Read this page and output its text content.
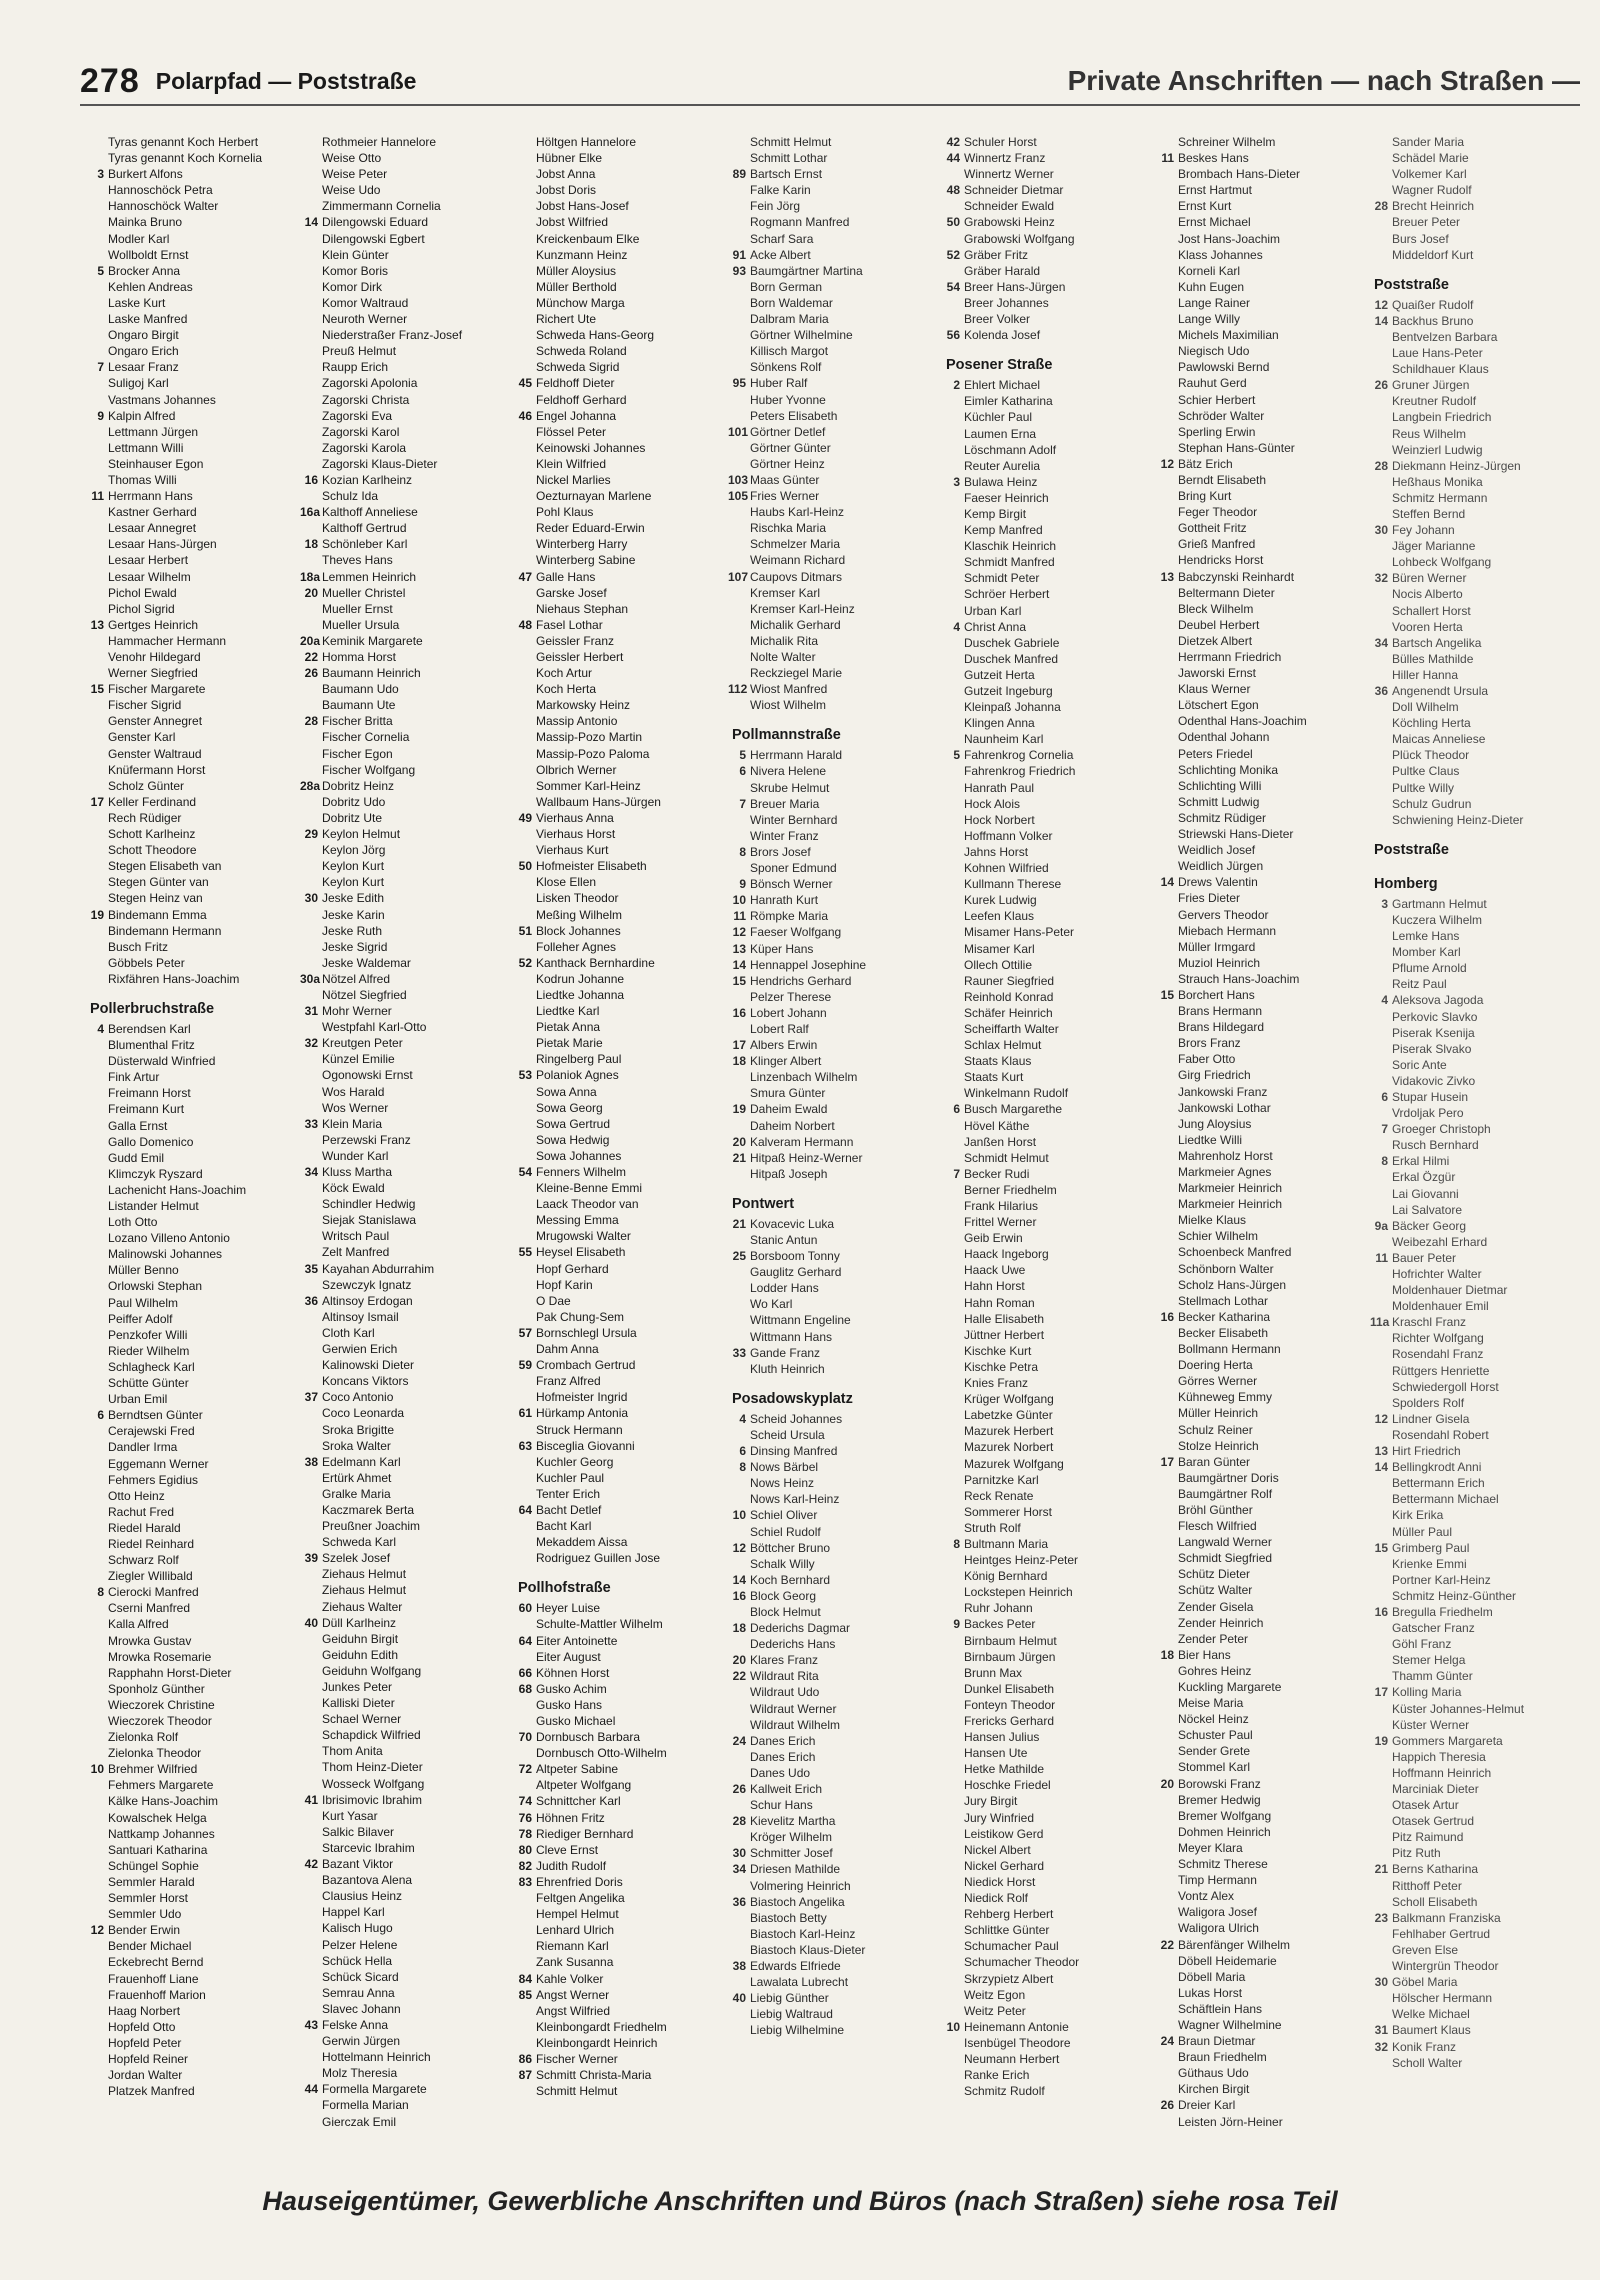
278 Polarpfad — Poststraße	Private Anschriften — nach Straßen —
Tyras genannt Koch Herbert
Tyras genannt Koch Kornelia
3 Burkert Alfons
Hannoschöck Petra
Hannoschöck Walter
Mainka Bruno
Modler Karl
Wollboldt Ernst
5 Brocker Anna
Kehlen Andreas
Laske Kurt
Laske Manfred
Ongaro Birgit
Ongaro Erich
7 Lesaar Franz
Suligoj Karl
Vastmans Johannes
9 Kalpin Alfred
Lettmann Jürgen
Lettmann Willi
Steinhauser Egon
Thomas Willi
11 Herrmann Hans
Kastner Gerhard
Lesaar Annegret
Lesaar Hans-Jürgen
Lesaar Herbert
Lesaar Wilhelm
Pichol Ewald
Pichol Sigrid
13 Gertges Heinrich
Hammacher Hermann
Venohr Hildegard
Werner Siegfried
15 Fischer Margarete
Fischer Sigrid
Genster Annegret
Genster Karl
Genster Waltraud
Knüfermann Horst
Scholz Günter
17 Keller Ferdinand
Rech Rüdiger
Schott Karlheinz
Schott Theodore
Stegen Elisabeth van
Stegen Günter van
Stegen Heinz van
19 Bindemann Emma
Bindemann Hermann
Busch Fritz
Göbbels Peter
Rixfähren Hans-Joachim
Pollerbruchstraße
4 Berendsen Karl
Blumenthal Fritz
Düsterwald Winfried
Fink Artur
Freimann Horst
Freimann Kurt
Galla Ernst
Gallo Domenico
Gudd Emil
Klimczyk Ryszard
Lachenicht Hans-Joachim
Listander Helmut
Loth Otto
Lozano Villeno Antonio
Malinowski Johannes
Müller Benno
Orlowski Stephan
Paul Wilhelm
Peiffer Adolf
Penzkofer Willi
Rieder Wilhelm
Schlagheck Karl
Schütte Günter
Urban Emil
6 Berndtsen Günter
Cerajewski Fred
Dandler Irma
Eggemann Werner
Fehmers Egidius
Otto Heinz
Rachut Fred
Riedel Harald
Riedel Reinhard
Schwarz Rolf
Ziegler Willibald
8 Cierocki Manfred
Cserni Manfred
Kalla Alfred
Mrowka Gustav
Mrowka Rosemarie
Rapphahn Horst-Dieter
Sponholz Günther
Wieczorek Christine
Wieczorek Theodor
Zielonka Rolf
Zielonka Theodor
10 Brehmer Wilfried
Fehmers Margarete
Kälke Hans-Joachim
Kowalschek Helga
Nattkamp Johannes
Santuari Katharina
Schüngel Sophie
Semmler Harald
Semmler Horst
Semmler Udo
12 Bender Erwin
Bender Michael
Eckebrecht Bernd
Frauenhoff Liane
Frauenhoff Marion
Haag Norbert
Hopfeld Otto
Hopfeld Peter
Hopfeld Reiner
Jordan Walter
Platzek Manfred
Rothmeier Hannelore
Weise Otto
Weise Peter
Weise Udo
Zimmermann Cornelia
14 Dilengowski Eduard
Dilengowski Egbert
Klein Günter
Komor Boris
Komor Dirk
Komor Waltraud
Neuroth Werner
Niederstraßer Franz-Josef
Preuß Helmut
Raupp Erich
Zagorski Apolonia
Zagorski Christa
Zagorski Eva
Zagorski Karol
Zagorski Karola
Zagorski Klaus-Dieter
16 Kozian Karlheinz
Schulz Ida
16a Kalthoff Anneliese
Kalthoff Gertrud
18 Schönleber Karl
Theves Hans
18a Lemmen Heinrich
20 Mueller Christel
Mueller Ernst
Mueller Ursula
20a Keminik Margarete
22 Homma Horst
26 Baumann Heinrich
Baumann Udo
Baumann Ute
28 Fischer Britta
Fischer Cornelia
Fischer Egon
Fischer Wolfgang
28a Dobritz Heinz
Dobritz Udo
Dobritz Ute
29 Keylon Helmut
Keylon Jörg
Keylon Kurt
Keylon Kurt
30 Jeske Edith
Jeske Karin
Jeske Ruth
Jeske Sigrid
Jeske Waldemar
30a Nötzel Alfred
Nötzel Siegfried
31 Mohr Werner
Westpfahl Karl-Otto
32 Kreutgen Peter
Künzel Emilie
Ogonowski Ernst
Wos Harald
Wos Werner
33 Klein Maria
Perzewski Franz
Wunder Karl
34 Kluss Martha
Köck Ewald
Schindler Hedwig
Siejak Stanislawa
Writsch Paul
Zelt Manfred
35 Kayahan Abdurrahim
Szewczyk Ignatz
36 Altinsoy Erdogan
Altinsoy Ismail
Cloth Karl
Gerwien Erich
Kalinowski Dieter
Koncans Viktors
37 Coco Antonio
Coco Leonarda
Sroka Brigitte
Sroka Walter
38 Edelmann Karl
Ertürk Ahmet
Gralke Maria
Kaczmarek Berta
Preußner Joachim
Schweda Karl
39 Szelek Josef
Ziehaus Helmut
Ziehaus Helmut
Ziehaus Walter
40 Düll Karlheinz
Geiduhn Birgit
Geiduhn Edith
Geiduhn Wolfgang
Junkes Peter
Kalliski Dieter
Schael Werner
Schapdick Wilfried
Thom Anita
Thom Heinz-Dieter
Wosseck Wolfgang
41 Ibrisimovic Ibrahim
Kurt Yasar
Salkic Bilaver
Starcevic Ibrahim
42 Bazant Viktor
Bazantova Alena
Clausius Heinz
Happel Karl
Kalisch Hugo
Pelzer Helene
Schück Hella
Schück Sicard
Semrau Anna
Slavec Johann
43 Felske Anna
Gerwin Jürgen
Hottelmann Heinrich
Molz Theresia
44 Formella Margarete
Formella Marian
Gierczak Emil
Höltgen Hannelore
Hübner Elke
Jobst Anna
Jobst Doris
Jobst Hans-Josef
Jobst Wilfried
Kreickenbaum Elke
Kunzmann Heinz
Müller Aloysius
Müller Berthold
Münchow Marga
Richert Ute
Schweda Hans-Georg
Schweda Roland
Schweda Sigrid
45 Feldhoff Dieter
Feldhoff Gerhard
46 Engel Johanna
Flössel Peter
Keinowski Johannes
Klein Wilfried
Nickel Marlies
Oezturnayan Marlene
Pohl Klaus
Reder Eduard-Erwin
Winterberg Harry
Winterberg Sabine
47 Galle Hans
Garske Josef
Niehaus Stephan
48 Fasel Lothar
Geissler Franz
Geissler Herbert
Koch Artur
Koch Herta
Markowsky Heinz
Massip Antonio
Massip-Pozo Martin
Massip-Pozo Paloma
Olbrich Werner
Sommer Karl-Heinz
Wallbaum Hans-Jürgen
49 Vierhaus Anna
Vierhaus Horst
Vierhaus Kurt
50 Hofmeister Elisabeth
Klose Ellen
Lisken Theodor
Meßing Wilhelm
51 Block Johannes
Folleher Agnes
52 Kanthack Bernhardine
Kodrun Johanne
Liedtke Johanna
Liedtke Karl
Pietak Anna
Pietak Marie
Ringelberg Paul
53 Polaniok Agnes
Sowa Anna
Sowa Georg
Sowa Gertrud
Sowa Hedwig
Sowa Johannes
54 Fenners Wilhelm
Kleine-Benne Emmi
Laack Theodor van
Messing Emma
Mrugowski Walter
55 Heysel Elisabeth
Hopf Gerhard
Hopf Karin
O Dae
Pak Chung-Sem
57 Bornschlegl Ursula
Dahm Anna
59 Crombach Gertrud
Franz Alfred
Hofmeister Ingrid
61 Hürkamp Antonia
Struck Hermann
63 Bisceglia Giovanni
Kuchler Georg
Kuchler Paul
Tenter Erich
64 Bacht Detlef
Bacht Karl
Mekaddem Aissa
Rodriguez Guillen Jose
Pollhofstraße
60 Heyer Luise
Schulte-Mattler Wilhelm
64 Eiter Antoinette
Eiter August
66 Köhnen Horst
68 Gusko Achim
Gusko Hans
Gusko Michael
70 Dornbusch Barbara
Dornbusch Otto-Wilhelm
72 Altpeter Sabine
Altpeter Wolfgang
74 Schnittcher Karl
76 Höhnen Fritz
78 Riediger Bernhard
80 Cleve Ernst
82 Judith Rudolf
83 Ehrenfried Doris
Feltgen Angelika
Hempel Helmut
Lenhard Ulrich
Riemann Karl
Zank Susanna
84 Kahle Volker
85 Angst Werner
Angst Wilfried
Kleinbongardt Friedhelm
Kleinbongardt Heinrich
86 Fischer Werner
87 Schmitt Christa-Maria
Schmitt Helmut
Schmitt Helmut
Schmitt Lothar
89 Bartsch Ernst
Falke Karin
Fein Jörg
Rogmann Manfred
Scharf Sara
91 Acke Albert
93 Baumgärtner Martina
Born German
Born Waldemar
Dalbram Maria
Görtner Wilhelmine
Killisch Margot
Sönkens Rolf
95 Huber Ralf
Huber Yvonne
Peters Elisabeth
101 Görtner Detlef
Görtner Günter
Görtner Heinz
103 Maas Günter
105 Fries Werner
Haubs Karl-Heinz
Rischka Maria
Schmelzer Maria
Weimann Richard
107 Caupovs Ditmars
Kremser Karl
Kremser Karl-Heinz
Michalik Gerhard
Michalik Rita
Nolte Walter
Reckziegel Marie
112 Wiost Manfred
Wiost Wilhelm
Pollmannstraße
5 Herrmann Harald
6 Nivera Helene
Skrube Helmut
7 Breuer Maria
Winter Bernhard
Winter Franz
8 Brors Josef
Sponer Edmund
9 Bönsch Werner
10 Hanrath Kurt
11 Römpke Maria
12 Faeser Wolfgang
13 Küper Hans
14 Hennappel Josephine
15 Hendrichs Gerhard
Pelzer Therese
16 Lobert Johann
Lobert Ralf
17 Albers Erwin
18 Klinger Albert
Linzenbach Wilhelm
Smura Günter
19 Daheim Ewald
Daheim Norbert
20 Kalveram Hermann
21 Hitpaß Heinz-Werner
Hitpaß Joseph
Pontwert
21 Kovacevic Luka
Stanic Antun
25 Borsboom Tonny
Gauglitz Gerhard
Lodder Hans
Wo Karl
Wittmann Engeline
Wittmann Hans
33 Gande Franz
Kluth Heinrich
Posadowskyplatz
4 Scheid Johannes
Scheid Ursula
6 Dinsing Manfred
8 Nows Bärbel
Nows Heinz
Nows Karl-Heinz
10 Schiel Oliver
Schiel Rudolf
12 Böttcher Bruno
Schalk Willy
14 Koch Bernhard
16 Block Georg
Block Helmut
18 Dederichs Dagmar
Dederichs Hans
20 Klares Franz
22 Wildraut Rita
Wildraut Udo
Wildraut Werner
Wildraut Wilhelm
24 Danes Erich
Danes Erich
Danes Udo
26 Kallweit Erich
Schur Hans
28 Kievelitz Martha
Kröger Wilhelm
30 Schmitter Josef
34 Driesen Mathilde
Volmering Heinrich
36 Biastoch Angelika
Biastoch Betty
Biastoch Karl-Heinz
Biastoch Klaus-Dieter
38 Edwards Elfriede
Lawalata Lubrecht
40 Liebig Günther
Liebig Waltraud
Liebig Wilhelmine
42 Schuler Horst
44 Winnertz Franz
Winnertz Werner
48 Schneider Dietmar
Schneider Ewald
50 Grabowski Heinz
Grabowski Wolfgang
52 Gräber Fritz
Gräber Harald
54 Breer Hans-Jürgen
Breer Johannes
Breer Volker
56 Kolenda Josef
Posener Straße
2 Ehlert Michael
Eimler Katharina
Küchler Paul
Laumen Erna
Löschmann Adolf
Reuter Aurelia
3 Bulawa Heinz
Faeser Heinrich
Kemp Birgit
Kemp Manfred
Klaschik Heinrich
Schmidt Manfred
Schmidt Peter
Schröer Herbert
Urban Karl
4 Christ Anna
Duschek Gabriele
Duschek Manfred
Gutzeit Herta
Gutzeit Ingeburg
Kleinpaß Johanna
Klingen Anna
Naunheim Karl
5 Fahrenkrog Cornelia
Fahrenkrog Friedrich
Hanrath Paul
Hock Alois
Hock Norbert
Hoffmann Volker
Jahns Horst
Kohnen Wilfried
Kullmann Therese
Kurek Ludwig
Leefen Klaus
Misamer Hans-Peter
Misamer Karl
Ollech Ottilie
Rauner Siegfried
Reinhold Konrad
Schäfer Heinrich
Scheiffarth Walter
Schlax Helmut
Staats Klaus
Staats Kurt
Winkelmann Rudolf
6 Busch Margarethe
Hövel Käthe
Janßen Horst
Schmidt Helmut
7 Becker Rudi
Berner Friedhelm
Frank Hilarius
Frittel Werner
Geib Erwin
Haack Ingeborg
Haack Uwe
Hahn Horst
Hahn Roman
Halle Elisabeth
Jüttner Herbert
Kischke Kurt
Kischke Petra
Knies Franz
Krüger Wolfgang
Labetzke Günter
Mazurek Herbert
Mazurek Norbert
Mazurek Wolfgang
Parnitzke Karl
Reck Renate
Sommerer Horst
Struth Rolf
8 Bultmann Maria
Heintges Heinz-Peter
König Bernhard
Lockstepen Heinrich
Ruhr Johann
9 Backes Peter
Birnbaum Helmut
Birnbaum Jürgen
Brunn Max
Dunkel Elisabeth
Fonteyn Theodor
Frericks Gerhard
Hansen Julius
Hansen Ute
Hetke Mathilde
Hoschke Friedel
Jury Birgit
Jury Winfried
Leistikow Gerd
Nickel Albert
Nickel Gerhard
Niedick Horst
Niedick Rolf
Rehberg Herbert
Schlittke Günter
Schumacher Paul
Schumacher Theodor
Skrzypietz Albert
Weitz Egon
Weitz Peter
10 Heinemann Antonie
Isenbügel Theodore
Neumann Herbert
Ranke Erich
Schmitz Rudolf
Schreiner Wilhelm
11 Beskes Hans
Brombach Hans-Dieter
Ernst Hartmut
Ernst Kurt
Ernst Michael
Jost Hans-Joachim
Klass Johannes
Korneli Karl
Kuhn Eugen
Lange Rainer
Lange Willy
Michels Maximilian
Niegisch Udo
Pawlowski Bernd
Rauhut Gerd
Schier Herbert
Schröder Walter
Sperling Erwin
Stephan Hans-Günter
12 Bätz Erich
Berndt Elisabeth
Bring Kurt
Feger Theodor
Gottheit Fritz
Grieß Manfred
Hendricks Horst
13 Babczynski Reinhardt
Beltermann Dieter
Bleck Wilhelm
Deubel Herbert
Dietzek Albert
Herrmann Friedrich
Jaworski Ernst
Klaus Werner
Lötschert Egon
Odenthal Hans-Joachim
Odenthal Johann
Peters Friedel
Schlichting Monika
Schlichting Willi
Schmitt Ludwig
Schmitz Rüdiger
Striewski Hans-Dieter
Weidlich Josef
Weidlich Jürgen
14 Drews Valentin
Fries Dieter
Gervers Theodor
Miebach Hermann
Müller Irmgard
Muziol Heinrich
Strauch Hans-Joachim
15 Borchert Hans
Brans Hermann
Brans Hildegard
Brors Franz
Faber Otto
Girg Friedrich
Jankowski Franz
Jankowski Lothar
Jung Aloysius
Liedtke Willi
Mahrenholz Horst
Markmeier Agnes
Markmeier Heinrich
Markmeier Heinrich
Mielke Klaus
Schier Wilhelm
Schoenbeck Manfred
Schönborn Walter
Scholz Hans-Jürgen
Stellmach Lothar
16 Becker Katharina
Becker Elisabeth
Bollmann Hermann
Doering Herta
Görres Werner
Kühneweg Emmy
Müller Heinrich
Schulz Reiner
Stolze Heinrich
17 Baran Günter
Baumgärtner Doris
Baumgärtner Rolf
Bröhl Günther
Flesch Wilfried
Langwald Werner
Schmidt Siegfried
Schütz Dieter
Schütz Walter
Zender Gisela
Zender Heinrich
Zender Peter
18 Bier Hans
Gohres Heinz
Kuckling Margarete
Meise Maria
Nöckel Heinz
Schuster Paul
Sender Grete
Stommel Karl
20 Borowski Franz
Bremer Hedwig
Bremer Wolfgang
Dohmen Heinrich
Meyer Klara
Schmitz Therese
Timp Hermann
Vontz Alex
Waligora Josef
Waligora Ulrich
22 Bärenfänger Wilhelm
Döbell Heidemarie
Döbell Maria
Lukas Horst
Schäftlein Hans
Wagner Wilhelmine
24 Braun Dietmar
Braun Friedhelm
Güthaus Udo
Kirchen Birgit
26 Dreier Karl
Leisten Jörn-Heiner
Sander Maria
Schädel Marie
Volkemer Karl
Wagner Rudolf
28 Brecht Heinrich
Breuer Peter
Burs Josef
Middeldorf Kurt
Poststraße
12 Quaißer Rudolf
14 Backhus Bruno
Bentvelzen Barbara
Laue Hans-Peter
Schildhauer Klaus
26 Gruner Jürgen
Kreutner Rudolf
Langbein Friedrich
Reus Wilhelm
Weinzierl Ludwig
28 Diekmann Heinz-Jürgen
Heßhaus Monika
Schmitz Hermann
Steffen Bernd
30 Fey Johann
Jäger Marianne
Lohbeck Wolfgang
32 Büren Werner
Nocis Alberto
Schallert Horst
Vooren Herta
34 Bartsch Angelika
Bülles Mathilde
Hiller Hanna
36 Angenendt Ursula
Doll Wilhelm
Köchling Herta
Maicas Anneliese
Plück Theodor
Pultke Claus
Pultke Willy
Schulz Gudrun
Schwiening Heinz-Dieter
Poststraße
Homberg
3 Gartmann Helmut
Kuczera Wilhelm
Lemke Hans
Momber Karl
Pflume Arnold
Reitz Paul
4 Aleksova Jagoda
Perkovic Slavko
Piserak Ksenija
Piserak Slvako
Soric Ante
Vidakovic Zivko
6 Stupar Husein
Vrdoljak Pero
7 Groeger Christoph
Rusch Bernhard
8 Erkal Hilmi
Erkal Özgür
Lai Giovanni
Lai Salvatore
9a Bäcker Georg
Weibezahl Erhard
11 Bauer Peter
Hofrichter Walter
Moldenhauer Dietmar
Moldenhauer Emil
11a Kraschl Franz
Richter Wolfgang
Rosendahl Franz
Rüttgers Henriette
Schwiedergoll Horst
Spolders Rolf
12 Lindner Gisela
Rosendahl Robert
13 Hirt Friedrich
14 Bellingkrodt Anni
Bettermann Erich
Bettermann Michael
Kirk Erika
Müller Paul
15 Grimberg Paul
Krienke Emmi
Portner Karl-Heinz
Schmitz Heinz-Günther
16 Bregulla Friedhelm
Gatscher Franz
Göhl Franz
Stemer Helga
Thamm Günter
17 Kolling Maria
Küster Johannes-Helmut
Küster Werner
19 Gommers Margareta
Happich Theresia
Hoffmann Heinrich
Marciniak Dieter
Otasek Artur
Otasek Gertrud
Pitz Raimund
Pitz Ruth
21 Berns Katharina
Ritthoff Peter
Scholl Elisabeth
23 Balkmann Franziska
Fehlhaber Gertrud
Greven Else
Wintergrün Theodor
30 Göbel Maria
Hölscher Hermann
Welke Michael
31 Baumert Klaus
32 Konik Franz
Scholl Walter
Hauseigentümer, Gewerbliche Anschriften und Büros (nach Straßen) siehe rosa Teil
